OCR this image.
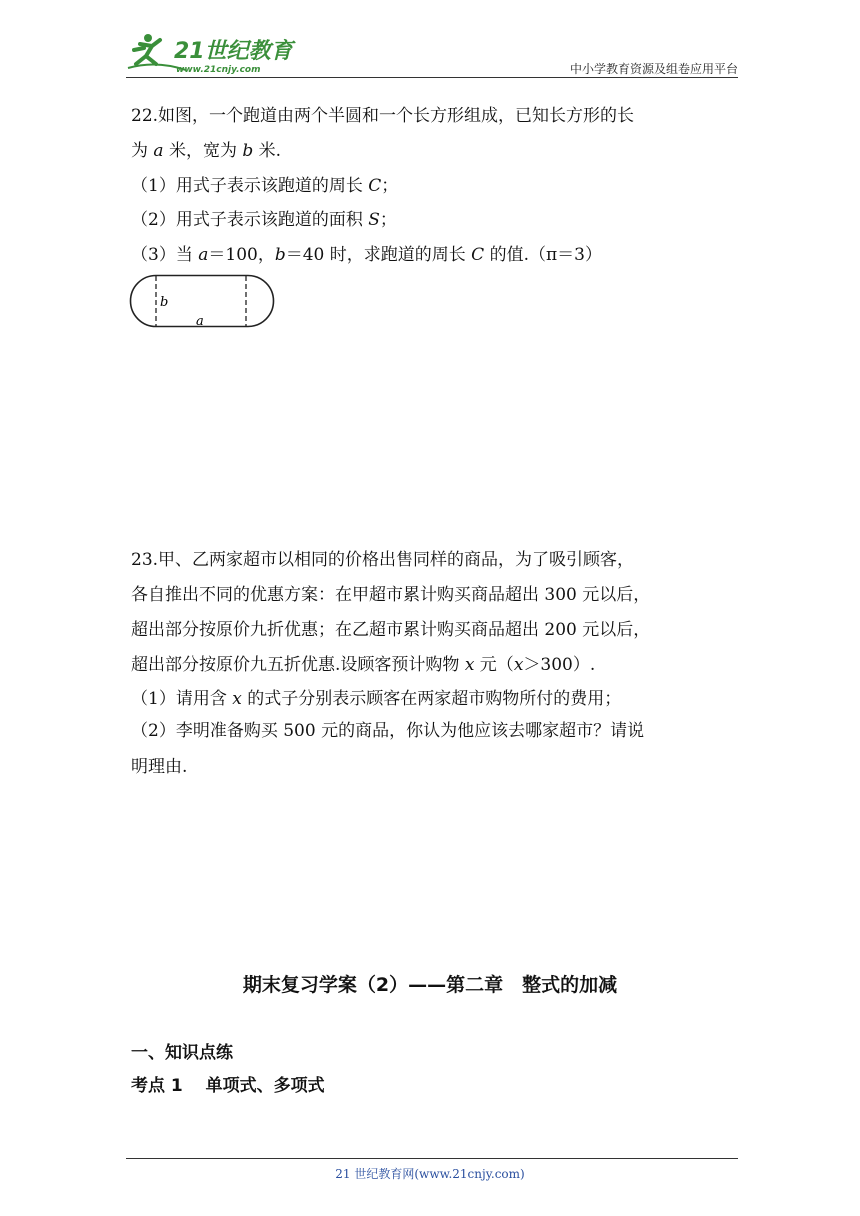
21世纪教育
www.21cnjy.com	中小学教育资源及组卷应用平台
22.如图，一个跑道由两个半圆和一个长方形组成，已知长方形的长
为 a 米，宽为 b 米.
（1）用式子表示该跑道的周长 C；
（2）用式子表示该跑道的面积 S；
（3）当 a＝100，b＝40 时，求跑道的周长 C 的值.（π＝3）
b
a
23.甲、乙两家超市以相同的价格出售同样的商品，为了吸引顾客，
各自推出不同的优惠方案：在甲超市累计购买商品超出 300 元以后，
超出部分按原价九折优惠；在乙超市累计购买商品超出 200 元以后，
超出部分按原价九五折优惠.设顾客预计购物 x 元（x＞300）.
（1）请用含 x 的式子分别表示顾客在两家超市购物所付的费用；
（2）李明准备购买 500 元的商品，你认为他应该去哪家超市？请说
明理由.
期末复习学案（2）——第二章　整式的加减
一、知识点练
考点 1　 单项式、多项式
21 世纪教育网(www.21cnjy.com)
